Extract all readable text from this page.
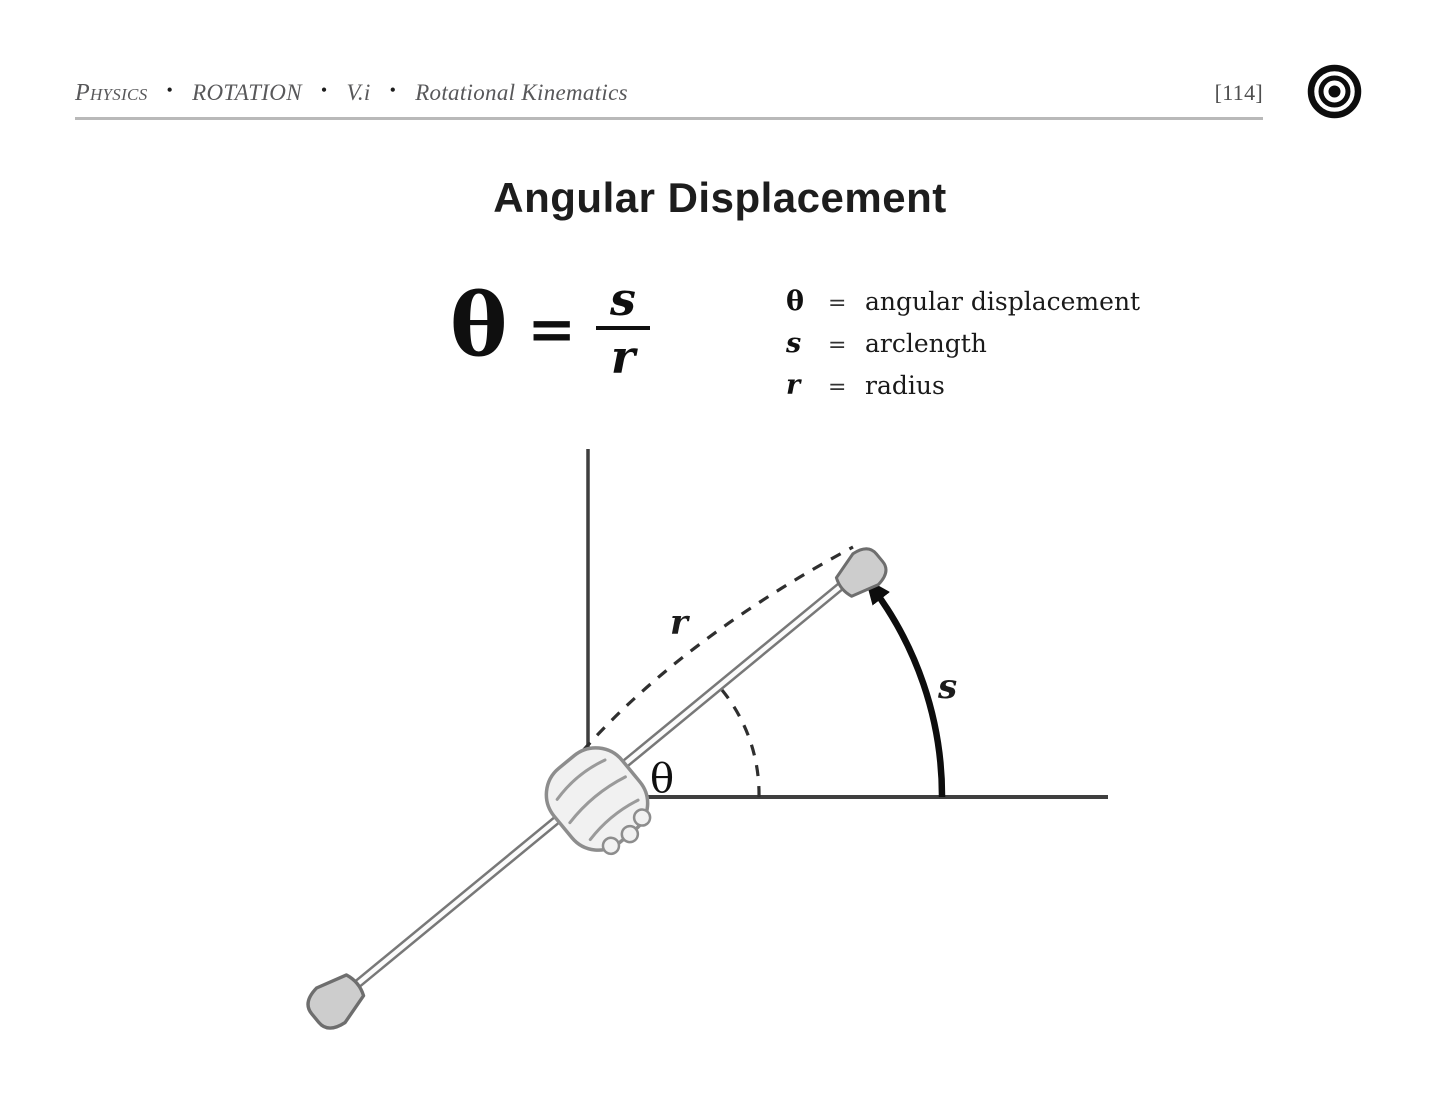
Physics	• ROTATION	• V.i	• Rotational Kinematics	[114]
Angular Displacement
$\theta = \frac{s}{r}$	θ	= angular displacement
s	= arclength
r	= radius
θ
r
s
